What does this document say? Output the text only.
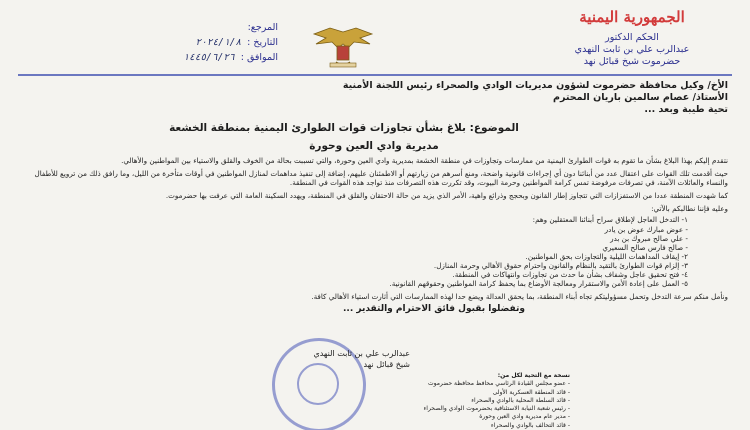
الجمهورية اليمنية
الحكم الدكتور
عبدالرب علي بن ثابت النهدي
حضرموت شيخ قبائل نهد
المرجع:
التاريخ :
٢٠٢٤/١/٨
الموافق :
١٤٤٥/٦/٢٦
الأخ/ وكيل محافظة حضرموت لشؤون مديريات الوادي والصحراء رئيس اللجنة الأمنية
الأستاذ/ عصام سالمين باريان المحترم
تحية طيبة وبعد ...
الموضوع: بلاغ بشأن تجاوزات قوات الطوارئ اليمنية بمنطقة الخشعة
مديرية وادي العين وحورة
نتقدم إليكم بهذا البلاغ بشأن ما تقوم به قوات الطوارئ اليمنية من ممارسات وتجاوزات في منطقة الخشعة بمديرية وادي العين وحورة، والتي تسببت بحالة من الخوف والقلق والاستياء بين المواطنين والأهالي.
حيث أقدمت تلك القوات على اعتقال عدد من أبنائنا دون أي إجراءات قانونية واضحة، ومنع أسرهم من زيارتهم أو الاطمئنان عليهم، إضافة إلى تنفيذ مداهمات لمنازل المواطنين في أوقات متأخرة من الليل، وما رافق ذلك من ترويع للأطفال والنساء والعائلات الآمنة، في تصرفات مرفوضة تمس كرامة المواطنين وحرمة البيوت، وقد تكررت هذه التصرفات منذ تواجد هذه القوات في المنطقة.
كما شهدت المنطقة عددا من الاستفزازات التي تتجاوز إطار القانون وبحجج وذرائع واهية، الأمر الذي يزيد من حالة الاحتقان والقلق في المنطقة، ويهدد السكينة العامة التي عرفت بها حضرموت.
وعليه فإننا نطالبكم بالآتي:
١- التدخل العاجل لإطلاق سراح أبنائنا المعتقلين وهم:
- عوض مبارك عوض بن يادر
- علي صالح مبروك بن بدر
- صالح فارس صالح السعيري
٢- إيقاف المداهمات الليلية والتجاوزات بحق المواطنين.
٣- إلزام قوات الطوارئ بالتقيد بالنظام والقانون واحترام حقوق الأهالي وحرمة المنازل.
٤- فتح تحقيق عاجل وشفاف بشأن ما حدث من تجاوزات وانتهاكات في المنطقة.
٥- العمل على إعادة الأمن والاستقرار ومعالجة الأوضاع بما يحفظ كرامة المواطنين وحقوقهم القانونية.
ونأمل منكم سرعة التدخل وتحمل مسؤوليتكم تجاه أبناء المنطقة، بما يحقق العدالة ويضع حدا لهذه الممارسات التي أثارت استياء الأهالي كافة.
وتفضلوا بقبول فائق الاحترام والتقدير ...
عبدالرب علي بن ثابت النهدي
شيخ قبائل نهد
نسخة مع التحية لكل من:
- عضو مجلس القيادة الرئاسي محافظ محافظة حضرموت
- قائد المنطقة العسكرية الأولى
- قائد السلطة المحلية بالوادي والصحراء
- رئيس شعبة النيابة الاستئنافية بحضرموت الوادي والصحراء
- مدير عام مديرية وادي العين وحورة
- قائد التحالف بالوادي والصحراء
